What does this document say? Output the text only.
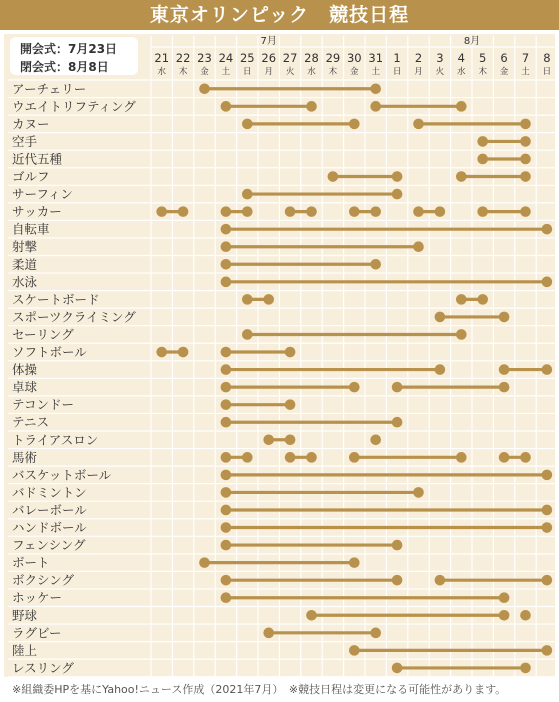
東京オリンピック　競技日程
開会式：7月23日
閉会式：8月8日
7月	8月
21
水
22
木
23
金
24
土
25
日
26
月
27
火
28
水
29
木
30
金
31
土
1
日
2
月
3
火
4
水
5
木
6
金
7
土
8
日
アーチェリー
ウエイトリフティング
カヌー
空手
近代五種
ゴルフ
サーフィン
サッカー
自転車
射撃
柔道
水泳
スケートボード
スポーツクライミング
セーリング
ソフトボール
体操
卓球
テコンドー
テニス
トライアスロン
馬術
バスケットボール
バドミントン
バレーボール
ハンドボール
フェンシング
ボート
ボクシング
ホッケー
野球
ラグビー
陸上
レスリング
※組織委HPを基にYahoo!ニュース作成（2021年7月）　※競技日程は変更になる可能性があります。
